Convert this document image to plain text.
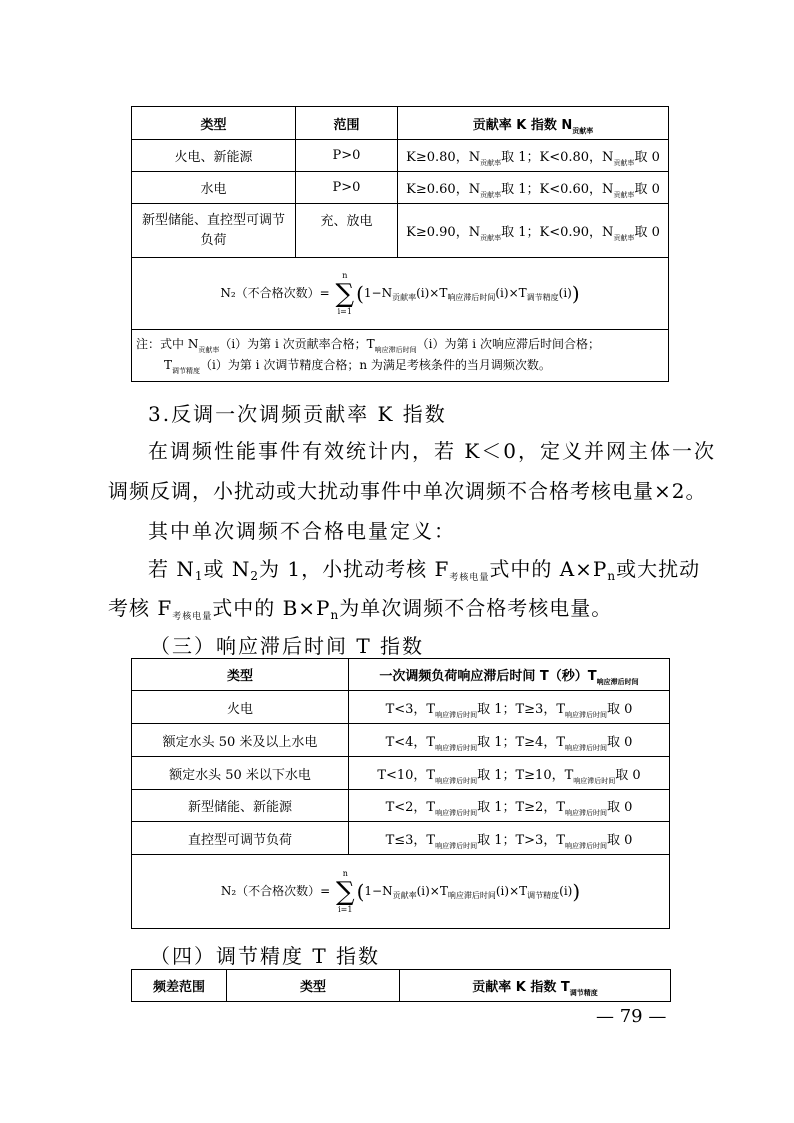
类型	范围	贡献率 K 指数 $N_{贡献率}$
火电、新能源	P>0	K≥0.80，$N_{贡献率}$取 1；K<0.80，$N_{贡献率}$取 0
水电	P>0	K≥0.60，$N_{贡献率}$取 1；K<0.60，$N_{贡献率}$取 0
新型储能、直控型可调节负荷	充、放电	K≥0.90，$N_{贡献率}$取 1；K<0.90，$N_{贡献率}$取 0
N₂（不合格次数）=
n
∑
i=1
$(1-N_{贡献率}(i)\times T_{响应滞后时间}(i)\times T_{调节精度}(i))$		

注：式中 $N_{贡献率}(i)$为第 i 次贡献率合格；$T_{响应滞后时间}(i)$为第 i 次响应滞后时间合格；
$T_{调节精度}(i)$为第 i 次调节精度合格；n 为满足考核条件的当月调频次数。		
3.反调一次调频贡献率 K 指数
在调频性能事件有效统计内，若 K＜0，定义并网主体一次
调频反调，小扰动或大扰动事件中单次调频不合格考核电量×2。
其中单次调频不合格电量定义：
若 $N_1$或 $N_2$为 1，小扰动考核 $F_{考核电量}$式中的 $A\times P_n$或大扰动
考核 $F_{考核电量}$式中的 $B\times P_n$为单次调频不合格考核电量。
（三）响应滞后时间 T 指数
类型	一次调频负荷响应滞后时间 T（秒）$T_{响应滞后时间}$
火电	T<3，$T_{响应滞后时间}$取 1；T≥3，$T_{响应滞后时间}$取 0
额定水头 50 米及以上水电	T<4，$T_{响应滞后时间}$取 1；T≥4，$T_{响应滞后时间}$取 0
额定水头 50 米以下水电	T<10，$T_{响应滞后时间}$取 1；T≥10，$T_{响应滞后时间}$取 0
新型储能、新能源	T<2，$T_{响应滞后时间}$取 1；T≥2，$T_{响应滞后时间}$取 0
直控型可调节负荷	T≤3，$T_{响应滞后时间}$取 1；T>3，$T_{响应滞后时间}$取 0
N₂（不合格次数）=
n
∑
i=1
$(1-N_{贡献率}(i)\times T_{响应滞后时间}(i)\times T_{调节精度}(i))$	
（四）调节精度 T 指数
频差范围	类型	贡献率 K 指数 $T_{调节精度}$
— 79 —
